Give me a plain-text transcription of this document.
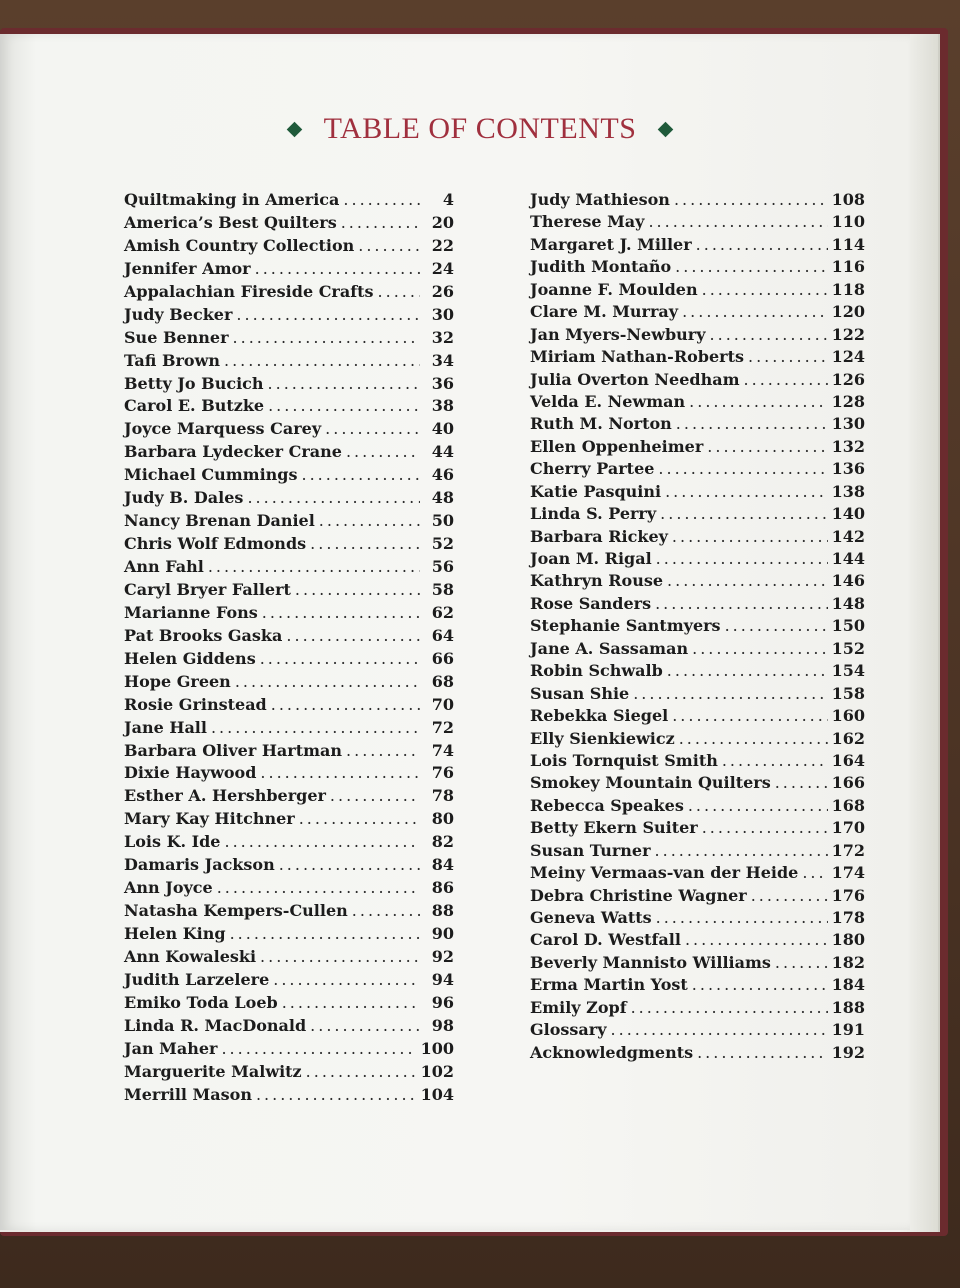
TABLE OF CONTENTS
Quiltmaking in America .....	4
America’s Best Quilters .....	20
Amish Country Collection .....	22
Jennifer Amor .....	24
Appalachian Fireside Crafts .....	26
Judy Becker .....	30
Sue Benner .....	32
Tafi Brown .....	34
Betty Jo Bucich .....	36
Carol E. Butzke .....	38
Joyce Marquess Carey .....	40
Barbara Lydecker Crane .....	44
Michael Cummings .....	46
Judy B. Dales .....	48
Nancy Brenan Daniel .....	50
Chris Wolf Edmonds .....	52
Ann Fahl .....	56
Caryl Bryer Fallert .....	58
Marianne Fons .....	62
Pat Brooks Gaska .....	64
Helen Giddens .....	66
Hope Green .....	68
Rosie Grinstead .....	70
Jane Hall .....	72
Barbara Oliver Hartman .....	74
Dixie Haywood .....	76
Esther A. Hershberger .....	78
Mary Kay Hitchner .....	80
Lois K. Ide .....	82
Damaris Jackson .....	84
Ann Joyce .....	86
Natasha Kempers-Cullen .....	88
Helen King .....	90
Ann Kowaleski .....	92
Judith Larzelere .....	94
Emiko Toda Loeb .....	96
Linda R. MacDonald .....	98
Jan Maher .....	100
Marguerite Malwitz .....	102
Merrill Mason .....	104
Judy Mathieson .....	108
Therese May .....	110
Margaret J. Miller .....	114
Judith Montaño .....	116
Joanne F. Moulden .....	118
Clare M. Murray .....	120
Jan Myers-Newbury .....	122
Miriam Nathan-Roberts .....	124
Julia Overton Needham .....	126
Velda E. Newman .....	128
Ruth M. Norton .....	130
Ellen Oppenheimer .....	132
Cherry Partee .....	136
Katie Pasquini .....	138
Linda S. Perry .....	140
Barbara Rickey .....	142
Joan M. Rigal .....	144
Kathryn Rouse .....	146
Rose Sanders .....	148
Stephanie Santmyers .....	150
Jane A. Sassaman .....	152
Robin Schwalb .....	154
Susan Shie .....	158
Rebekka Siegel .....	160
Elly Sienkiewicz .....	162
Lois Tornquist Smith .....	164
Smokey Mountain Quilters .....	166
Rebecca Speakes .....	168
Betty Ekern Suiter .....	170
Susan Turner .....	172
Meiny Vermaas-van der Heide ..... 174
Debra Christine Wagner .....	176
Geneva Watts .....	178
Carol D. Westfall .....	180
Beverly Mannisto Williams .....	182
Erma Martin Yost .....	184
Emily Zopf .....	188
Glossary .....	191
Acknowledgments .....	192
